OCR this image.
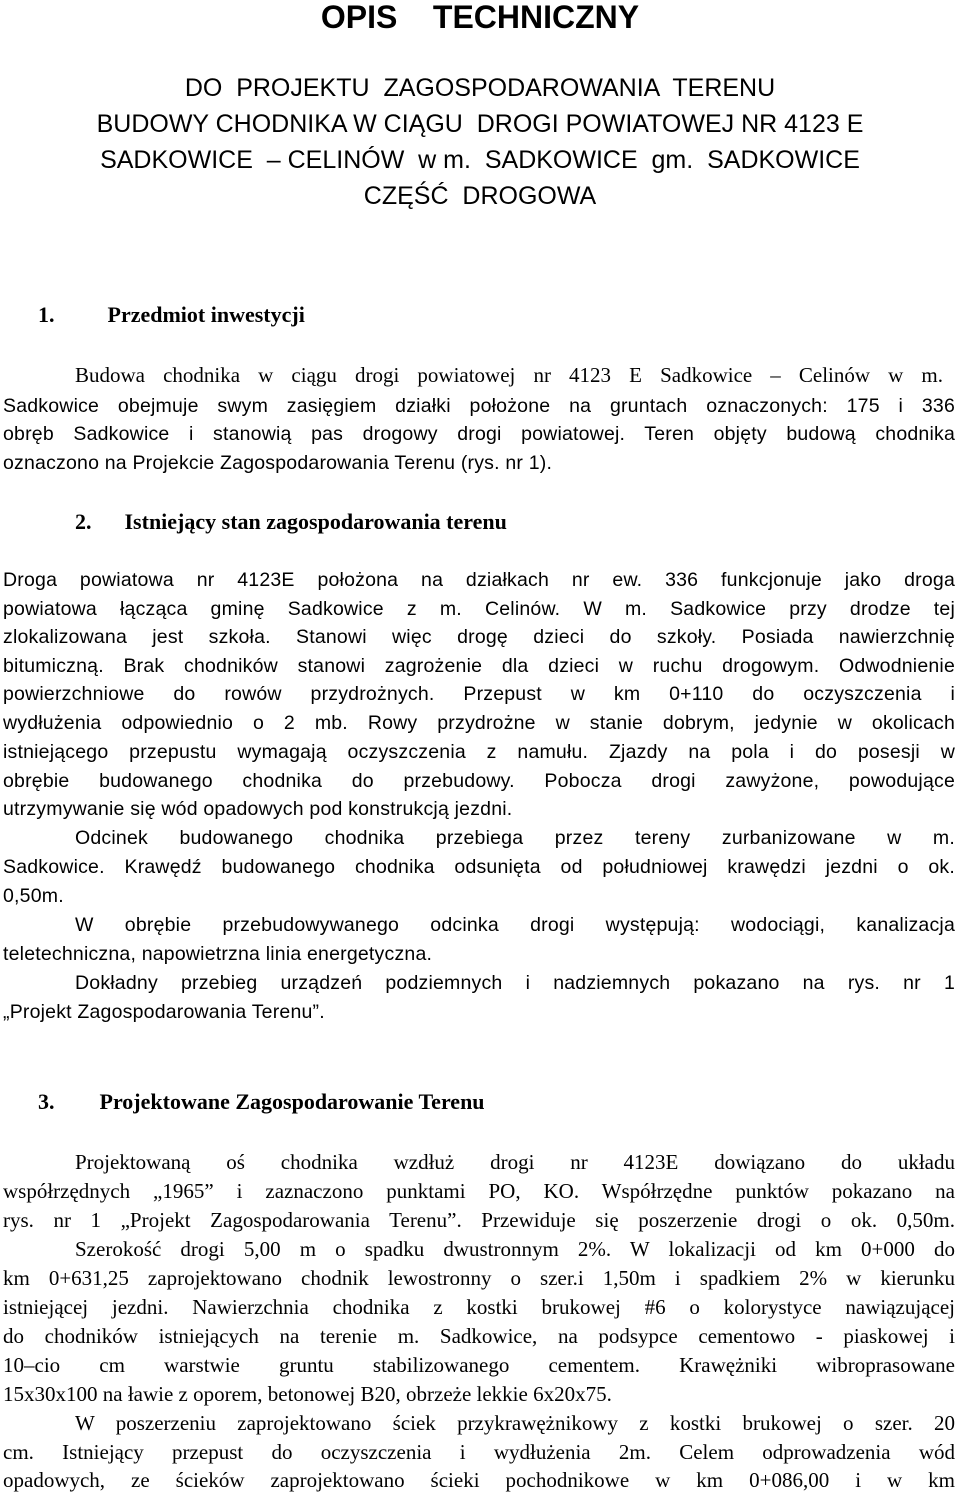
OPIS    TECHNICZNY
DO  PROJEKTU  ZAGOSPODAROWANIA  TERENU
BUDOWY CHODNIKA W CIĄGU  DROGI POWIATOWEJ NR 4123 E
SADKOWICE  – CELINÓW  w m.  SADKOWICE  gm.  SADKOWICE
CZĘŚĆ  DROGOWA
1. Przedmiot inwestycji
Budowa chodnika w ciągu drogi powiatowej nr 4123 E Sadkowice – Celinów w m.
Sadkowice obejmuje swym zasięgiem działki położone na gruntach oznaczonych: 175 i 336
obręb Sadkowice i stanowią pas drogowy drogi powiatowej. Teren objęty budową chodnika
oznaczono na Projekcie Zagospodarowania Terenu (rys. nr 1).
2. Istniejący stan zagospodarowania terenu
Droga powiatowa nr 4123E położona na działkach nr ew. 336 funkcjonuje jako droga
powiatowa łącząca gminę Sadkowice z m. Celinów. W m. Sadkowice przy drodze tej
zlokalizowana jest szkoła. Stanowi więc drogę dzieci do szkoły. Posiada nawierzchnię
bitumiczną. Brak chodników stanowi zagrożenie dla dzieci w ruchu drogowym. Odwodnienie
powierzchniowe do rowów przydrożnych. Przepust w km 0+110 do oczyszczenia i
wydłużenia odpowiednio o 2 mb. Rowy przydrożne w stanie dobrym, jedynie w okolicach
istniejącego przepustu wymagają oczyszczenia z namułu. Zjazdy na pola i do posesji w
obrębie budowanego chodnika do przebudowy. Pobocza drogi zawyżone, powodujące
utrzymywanie się wód opadowych pod konstrukcją jezdni.
Odcinek budowanego chodnika przebiega przez tereny zurbanizowane w m.
Sadkowice. Krawędź budowanego chodnika odsunięta od południowej krawędzi jezdni o ok.
0,50m.
W obrębie przebudowywanego odcinka drogi występują: wodociągi, kanalizacja
teletechniczna, napowietrzna linia energetyczna.
Dokładny przebieg urządzeń podziemnych i nadziemnych pokazano na rys. nr 1
„Projekt Zagospodarowania Terenu”.
3. Projektowane Zagospodarowanie Terenu
Projektowaną oś chodnika wzdłuż drogi nr 4123E dowiązano do układu
współrzędnych „1965” i zaznaczono punktami PO, KO. Współrzędne punktów pokazano na
rys. nr 1 „Projekt Zagospodarowania Terenu”. Przewiduje się poszerzenie drogi o ok. 0,50m.
Szerokość drogi 5,00 m o spadku dwustronnym 2%. W lokalizacji od km 0+000 do
km 0+631,25 zaprojektowano chodnik lewostronny o szer.i 1,50m i spadkiem 2% w kierunku
istniejącej jezdni. Nawierzchnia chodnika z kostki brukowej #6 o kolorystyce nawiązującej
do chodników istniejących na terenie m. Sadkowice, na podsypce cementowo - piaskowej i
10–cio cm warstwie gruntu stabilizowanego cementem. Krawężniki wibroprasowane
15x30x100 na ławie z oporem, betonowej B20, obrzeże lekkie 6x20x75.
W poszerzeniu zaprojektowano ściek przykrawężnikowy z kostki brukowej o szer. 20
cm. Istniejący przepust do oczyszczenia i wydłużenia 2m. Celem odprowadzenia wód
opadowych, ze ścieków zaprojektowano ścieki pochodnikowe w km 0+086,00 i w km
